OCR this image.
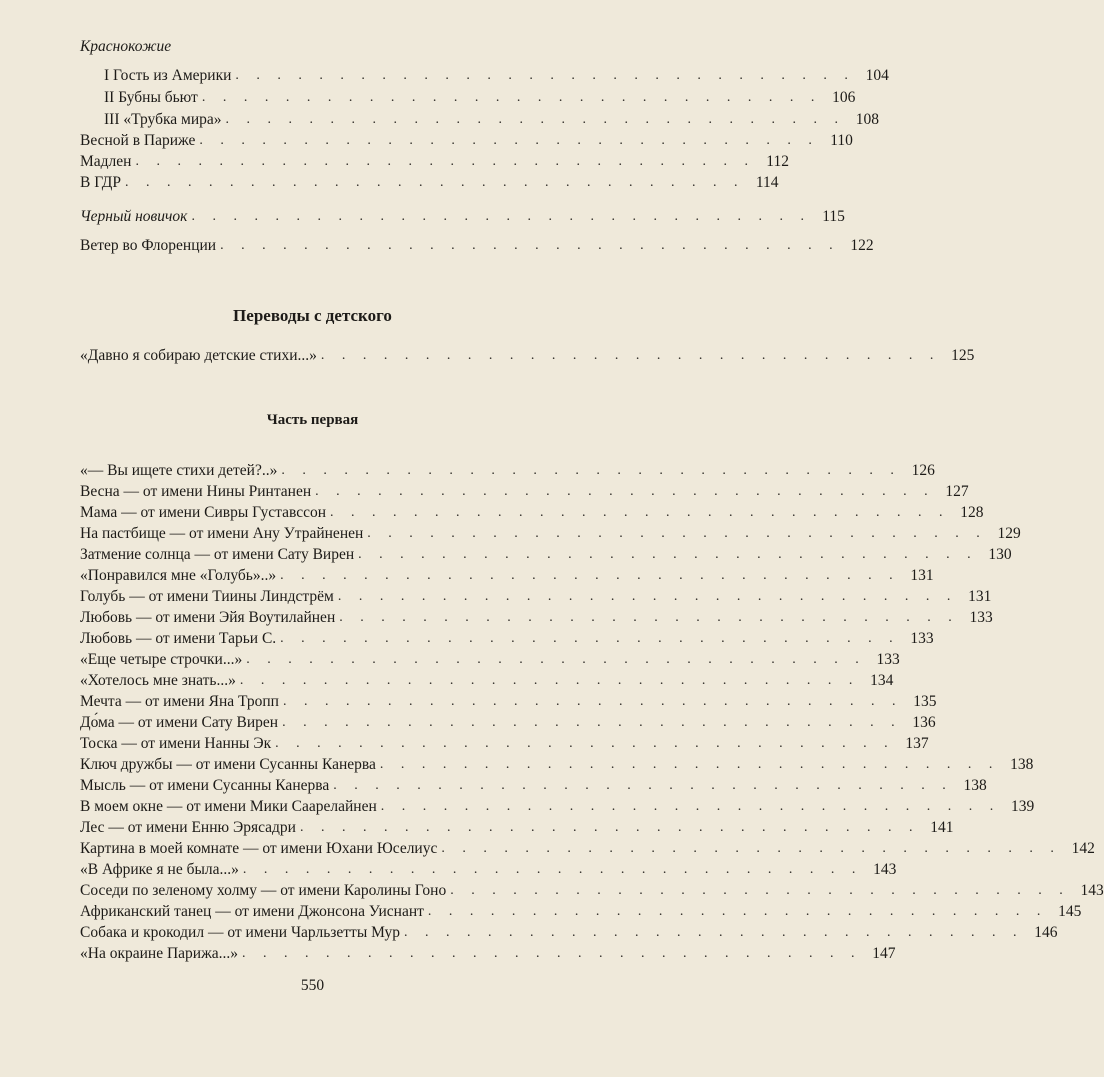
Краснокожие
I Гость из Америки . . . . . . . . . . . . . . . . . . . . . . . . . . . . . . 104
II Бубны бьют . . . . . . . . . . . . . . . . . . . . . . . . . . . . . . 106
III «Трубка мира» . . . . . . . . . . . . . . . . . . . . . . . . . . . . . . 108
Весной в Париже . . . . . . . . . . . . . . . . . . . . . . . . . . . . . . 110
Мадлен . . . . . . . . . . . . . . . . . . . . . . . . . . . . . . 112
В ГДР . . . . . . . . . . . . . . . . . . . . . . . . . . . . . . 114
Черный новичок . . . . . . . . . . . . . . . . . . . . . . . . . . . . . . 115
Ветер во Флоренции . . . . . . . . . . . . . . . . . . . . . . . . . . . . . . 122
Переводы с детского
«Давно я собираю детские стихи...» . . . . . . . . . . . . . . . . . . . . . . . . . . . . . . 125
Часть первая
«— Вы ищете стихи детей?..» . . . . . . . . . . . . . . . . . . . . . . . . . . . . . . 126
Весна — от имени Нины Ринтанен . . . . . . . . . . . . . . . . . . . . . . . . . . . . . . 127
Мама — от имени Сивры Густавссон . . . . . . . . . . . . . . . . . . . . . . . . . . . . . . 128
На пастбище — от имени Ану Утрайненен . . . . . . . . . . . . . . . . . . . . . . . . . . . . . . 129
Затмение солнца — от имени Сату Вирен . . . . . . . . . . . . . . . . . . . . . . . . . . . . . . 130
«Понравился мне «Голубь»..» . . . . . . . . . . . . . . . . . . . . . . . . . . . . . . 131
Голубь — от имени Тиины Линдстрём . . . . . . . . . . . . . . . . . . . . . . . . . . . . . . 131
Любовь — от имени Эйя Воутилайнен . . . . . . . . . . . . . . . . . . . . . . . . . . . . . . 133
Любовь — от имени Тарьи С. . . . . . . . . . . . . . . . . . . . . . . . . . . . . . . 133
«Еще четыре строчки...» . . . . . . . . . . . . . . . . . . . . . . . . . . . . . . 133
«Хотелось мне знать...» . . . . . . . . . . . . . . . . . . . . . . . . . . . . . . 134
Мечта — от имени Яна Тропп . . . . . . . . . . . . . . . . . . . . . . . . . . . . . . 135
До́ма — от имени Сату Вирен . . . . . . . . . . . . . . . . . . . . . . . . . . . . . . 136
Тоска — от имени Нанны Эк . . . . . . . . . . . . . . . . . . . . . . . . . . . . . . 137
Ключ дружбы — от имени Сусанны Канерва . . . . . . . . . . . . . . . . . . . . . . . . . . . . . . 138
Мысль — от имени Сусанны Канерва . . . . . . . . . . . . . . . . . . . . . . . . . . . . . . 138
В моем окне — от имени Мики Саарелайнен . . . . . . . . . . . . . . . . . . . . . . . . . . . . . . 139
Лес — от имени Енню Эрясадри . . . . . . . . . . . . . . . . . . . . . . . . . . . . . . 141
Картина в моей комнате — от имени Юхани Юселиус . . . . . . . . . . . . . . . . . . . . . . . . . . . . . . 142
«В Африке я не была...» . . . . . . . . . . . . . . . . . . . . . . . . . . . . . . 143
Соседи по зеленому холму — от имени Каролины Гоно . . . . . . . . . . . . . . . . . . . . . . . . . . . . . . 143
Африканский танец — от имени Джонсона Уиснант . . . . . . . . . . . . . . . . . . . . . . . . . . . . . . 145
Собака и крокодил — от имени Чарльзетты Мур . . . . . . . . . . . . . . . . . . . . . . . . . . . . . . 146
«На окраине Парижа...» . . . . . . . . . . . . . . . . . . . . . . . . . . . . . . 147
550
